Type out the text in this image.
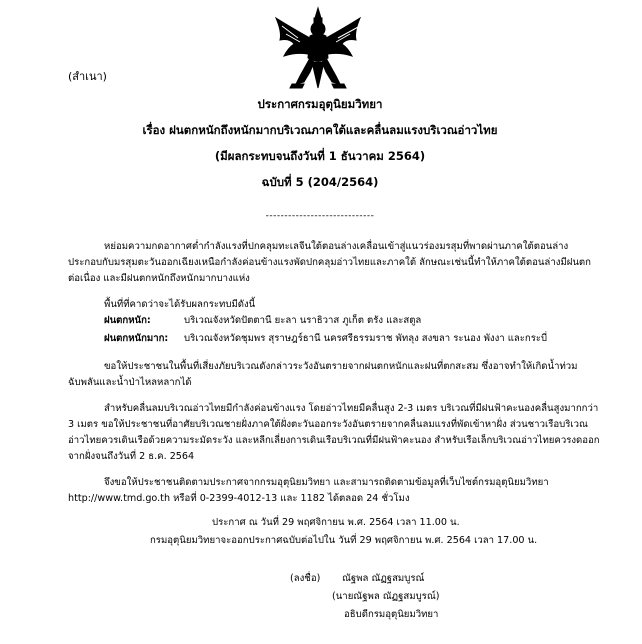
(สำเนา)
ประกาศกรมอุตุนิยมวิทยา
เรื่อง ฝนตกหนักถึงหนักมากบริเวณภาคใต้และคลื่นลมแรงบริเวณอ่าวไทย
(มีผลกระทบจนถึงวันที่ 1 ธันวาคม 2564)
ฉบับที่ 5 (204/2564)
-----------------------------
หย่อมความกดอากาศต่ำกำลังแรงที่ปกคลุมทะเลจีนใต้ตอนล่างเคลื่อนเข้าสู่แนวร่องมรสุมที่พาดผ่านภาคใต้ตอนล่าง
ประกอบกับมรสุมตะวันออกเฉียงเหนือกำลังค่อนข้างแรงพัดปกคลุมอ่าวไทยและภาคใต้ ลักษณะเช่นนี้ทำให้ภาคใต้ตอนล่างมีฝนตก
ต่อเนื่อง และมีฝนตกหนักถึงหนักมากบางแห่ง
พื้นที่ที่คาดว่าจะได้รับผลกระทบมีดังนี้
ฝนตกหนัก:	บริเวณจังหวัดปัตตานี ยะลา นราธิวาส ภูเก็ต ตรัง และสตูล
ฝนตกหนักมาก: บริเวณจังหวัดชุมพร สุราษฎร์ธานี นครศรีธรรมราช พัทลุง สงขลา ระนอง พังงา และกระบี่
ขอให้ประชาชนในพื้นที่เสี่ยงภัยบริเวณดังกล่าวระวังอันตรายจากฝนตกหนักและฝนที่ตกสะสม ซึ่งอาจทำให้เกิดน้ำท่วม
ฉับพลันและน้ำป่าไหลหลากได้
สำหรับคลื่นลมบริเวณอ่าวไทยมีกำลังค่อนข้างแรง โดยอ่าวไทยมีคลื่นสูง 2-3 เมตร บริเวณที่มีฝนฟ้าคะนองคลื่นสูงมากกว่า
3 เมตร ขอให้ประชาชนที่อาศัยบริเวณชายฝั่งภาคใต้ฝั่งตะวันออกระวังอันตรายจากคลื่นลมแรงที่พัดเข้าหาฝั่ง ส่วนชาวเรือบริเวณ
อ่าวไทยควรเดินเรือด้วยความระมัดระวัง และหลีกเลี่ยงการเดินเรือบริเวณที่มีฝนฟ้าคะนอง สำหรับเรือเล็กบริเวณอ่าวไทยควรงดออก
จากฝั่งจนถึงวันที่ 2 ธ.ค. 2564
จึงขอให้ประชาชนติดตามประกาศจากกรมอุตุนิยมวิทยา และสามารถติดตามข้อมูลที่เว็บไซต์กรมอุตุนิยมวิทยา
http://www.tmd.go.th หรือที่ 0-2399-4012-13 และ 1182 ได้ตลอด 24 ชั่วโมง
ประกาศ ณ วันที่ 29 พฤศจิกายน พ.ศ. 2564 เวลา 11.00 น.
กรมอุตุนิยมวิทยาจะออกประกาศฉบับต่อไปใน วันที่ 29 พฤศจิกายน พ.ศ. 2564 เวลา 17.00 น.
(ลงชื่อ) ณัฐพล ณัฏฐสมบูรณ์
(นายณัฐพล ณัฏฐสมบูรณ์)
อธิบดีกรมอุตุนิยมวิทยา
